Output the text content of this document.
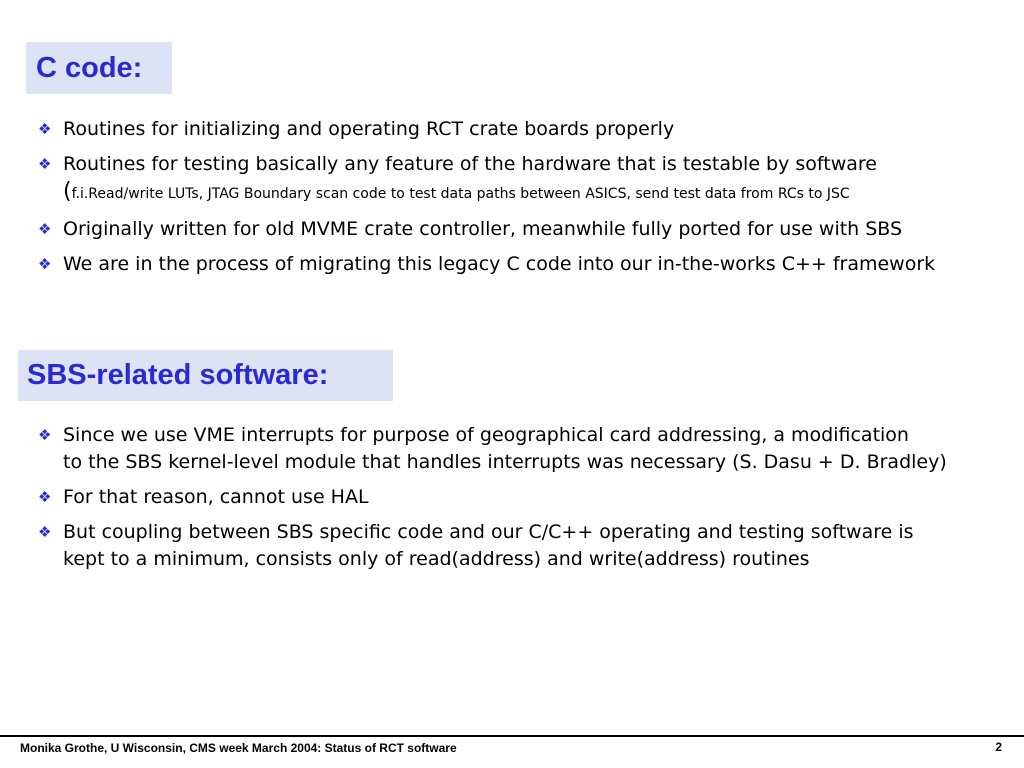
C code:
❖ Routines for initializing and operating RCT crate boards properly
❖ Routines for testing basically any feature of the hardware that is testable by software
(f.i.Read/write LUTs, JTAG Boundary scan code to test data paths between ASICS, send test data from RCs to JSC
❖ Originally written for old MVME crate controller, meanwhile fully ported for use with SBS
❖ We are in the process of migrating this legacy C code into our in-the-works C++ framework
SBS-related software:
❖ Since we use VME interrupts for purpose of geographical card addressing, a modification
to the SBS kernel-level module that handles interrupts was necessary (S. Dasu + D. Bradley)
❖ For that reason, cannot use HAL
❖ But coupling between SBS specific code and our C/C++ operating and testing software is
kept to a minimum, consists only of read(address) and write(address) routines
Monika Grothe, U Wisconsin, CMS week March 2004: Status of RCT software	2
